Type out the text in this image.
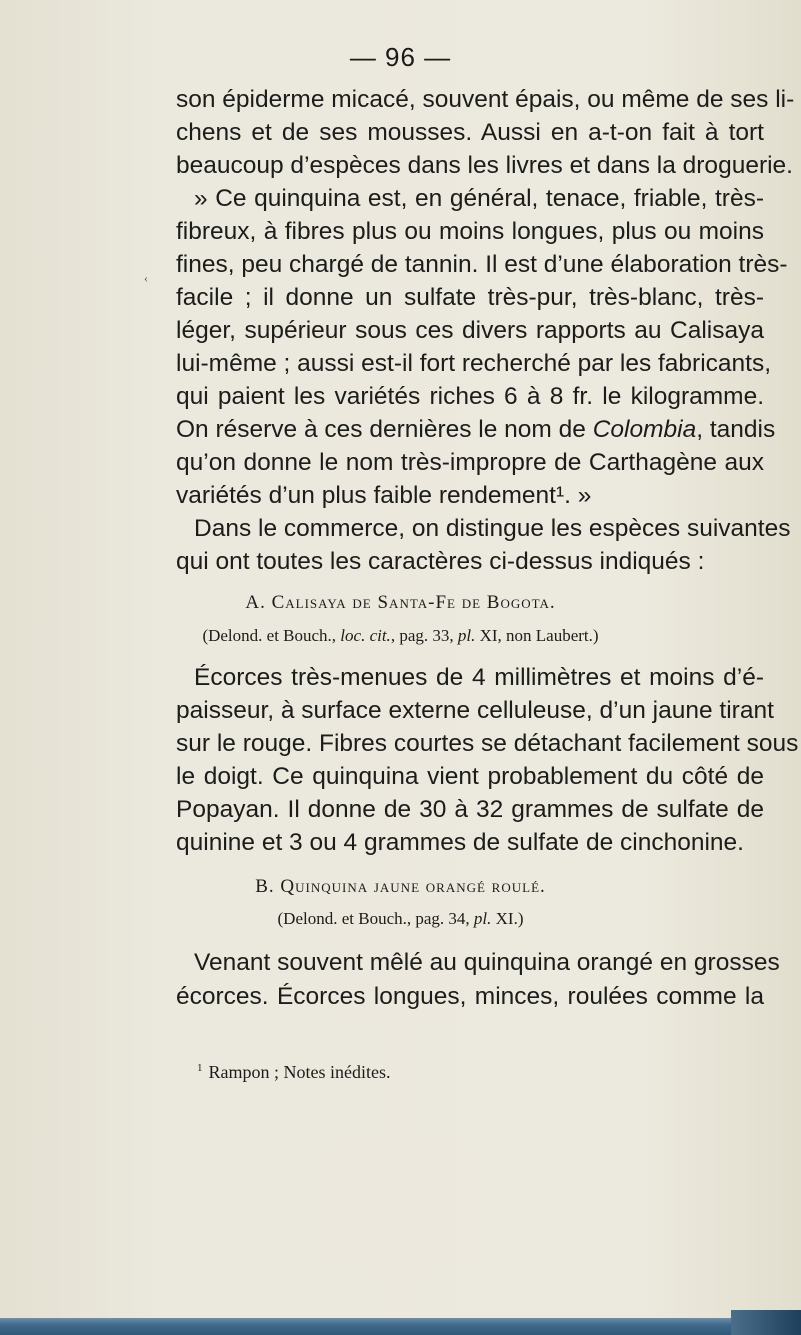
— 96 —
‹
son épiderme micacé, souvent épais, ou même de ses li-
chens et de ses mousses. Aussi en a-t-on fait à tort
beaucoup d’espèces dans les livres et dans la droguerie.
» Ce quinquina est, en général, tenace, friable, très-
fibreux, à fibres plus ou moins longues, plus ou moins
fines, peu chargé de tannin. Il est d’une élaboration très-
facile ; il donne un sulfate très-pur, très-blanc, très-
léger, supérieur sous ces divers rapports au Calisaya
lui-même ; aussi est-il fort recherché par les fabricants,
qui paient les variétés riches 6 à 8 fr. le kilogramme.
On réserve à ces dernières le nom de Colombia, tandis
qu’on donne le nom très-impropre de Carthagène aux
variétés d’un plus faible rendement¹. »
Dans le commerce, on distingue les espèces suivantes
qui ont toutes les caractères ci-dessus indiqués :
A. Calisaya de Santa-Fe de Bogota.
(Delond. et Bouch., loc. cit., pag. 33, pl. XI, non Laubert.)
Écorces très-menues de 4 millimètres et moins d’é-
paisseur, à surface externe celluleuse, d’un jaune tirant
sur le rouge. Fibres courtes se détachant facilement sous
le doigt. Ce quinquina vient probablement du côté de
Popayan. Il donne de 30 à 32 grammes de sulfate de
quinine et 3 ou 4 grammes de sulfate de cinchonine.
B. Quinquina jaune orangé roulé.
(Delond. et Bouch., pag. 34, pl. XI.)
Venant souvent mêlé au quinquina orangé en grosses
écorces. Écorces longues, minces, roulées comme la
$^1$ Rampon ; Notes inédites.
